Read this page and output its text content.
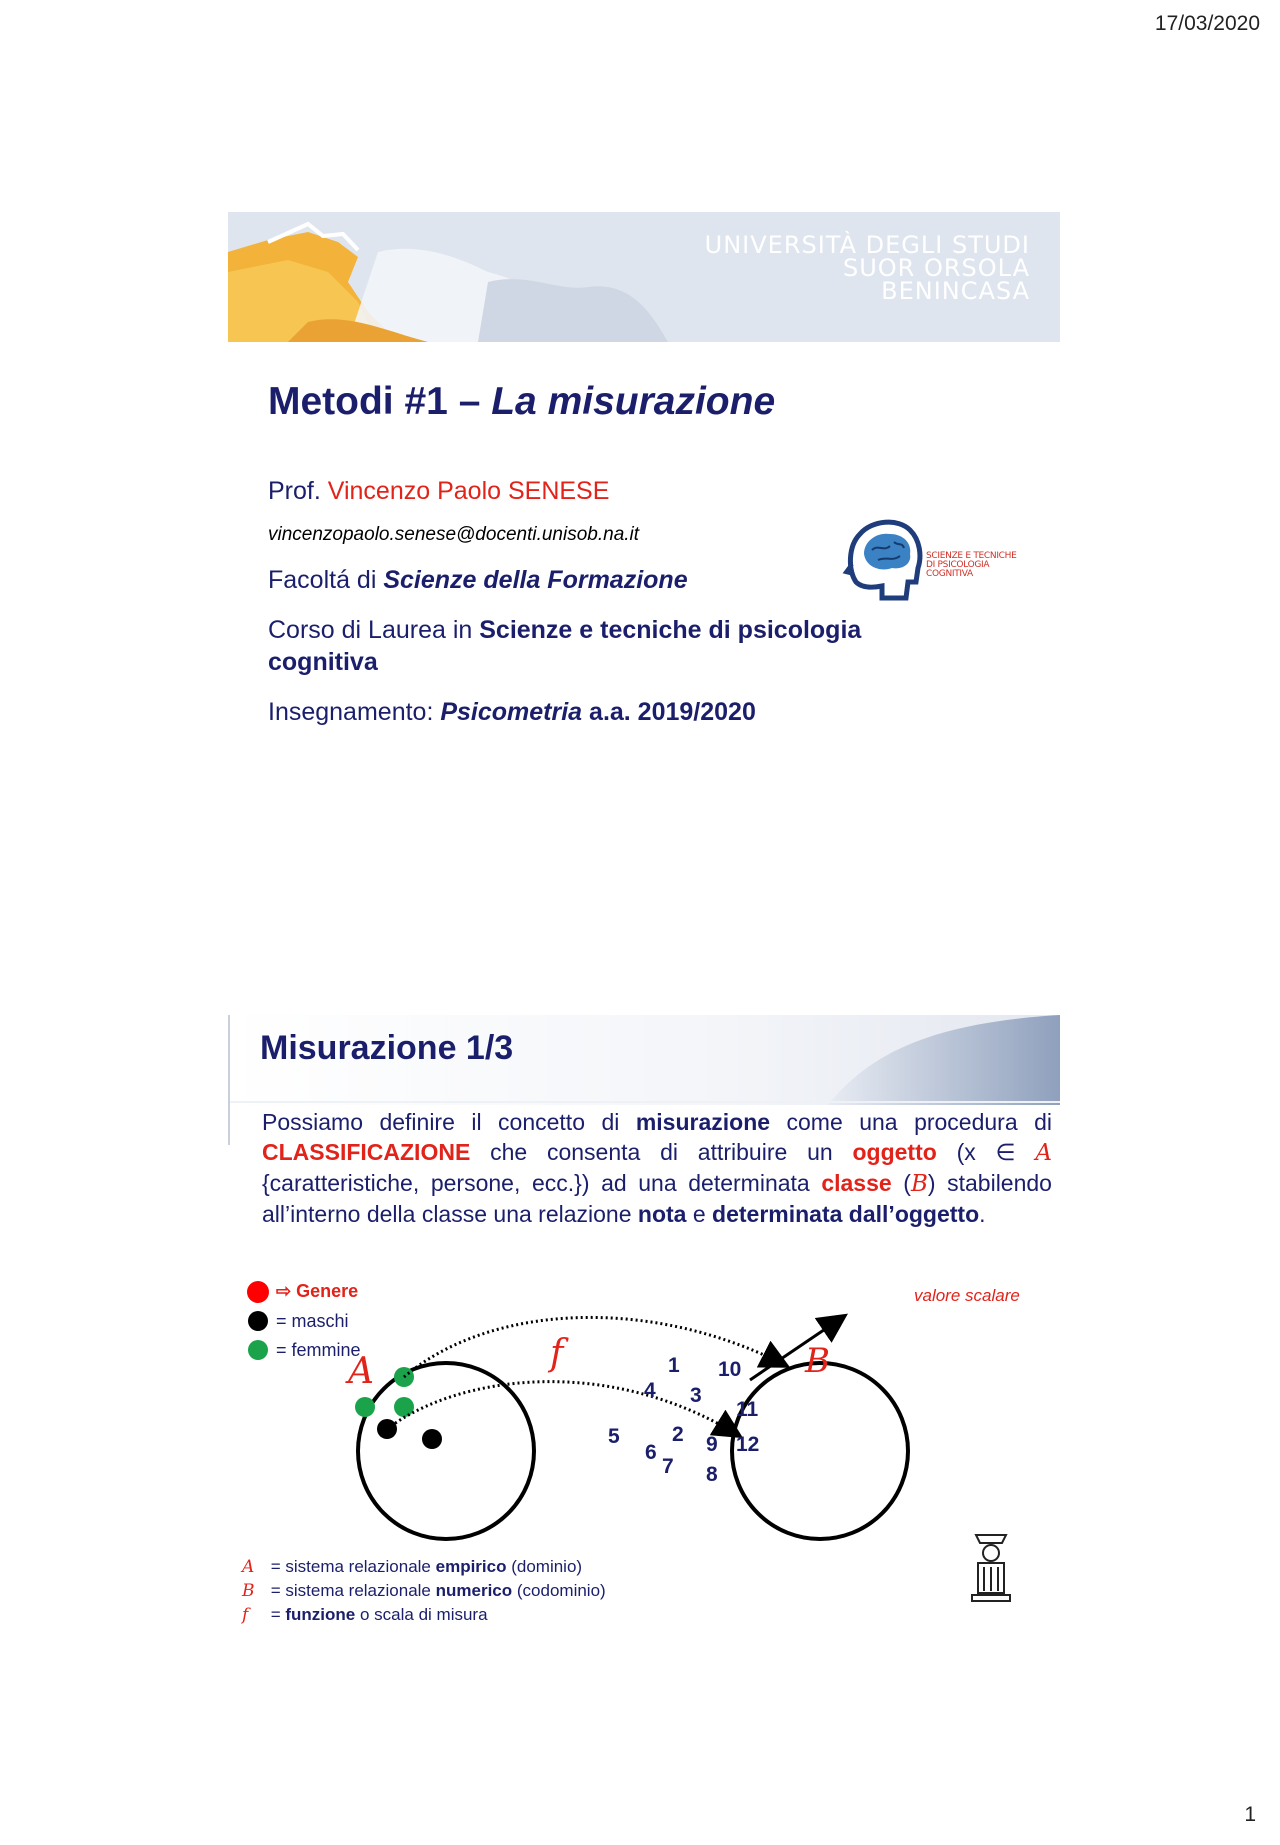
17/03/2020
UNIVERSITÀ DEGLI STUDI
SUOR ORSOLA
BENINCASA
Metodi #1 – La misurazione
Prof. Vincenzo Paolo SENESE
vincenzopaolo.senese@docenti.unisob.na.it
Facoltá di Scienze della Formazione
Corso di Laurea in Scienze e tecniche di psicologia
cognitiva
Insegnamento: Psicometria a.a. 2019/2020
SCIENZE E TECNICHE
DI PSICOLOGIA
COGNITIVA
Misurazione 1/3
Possiamo definire il concetto di misurazione come una procedura di CLASSIFICAZIONE che consenta di attribuire un oggetto (x ∈ A {caratteristiche, persone, ecc.}) ad una determinata classe (B) stabilendo all’interno della classe una relazione nota e determinata dall’oggetto.
⇨ Genere
= maschi
= femmine
valore scalare
A	f	B
1
4 3
10
11
5 2 9 12
6
7 8
A = sistema relazionale empirico (dominio)
B = sistema relazionale numerico (codominio)
f = funzione o scala di misura
1
